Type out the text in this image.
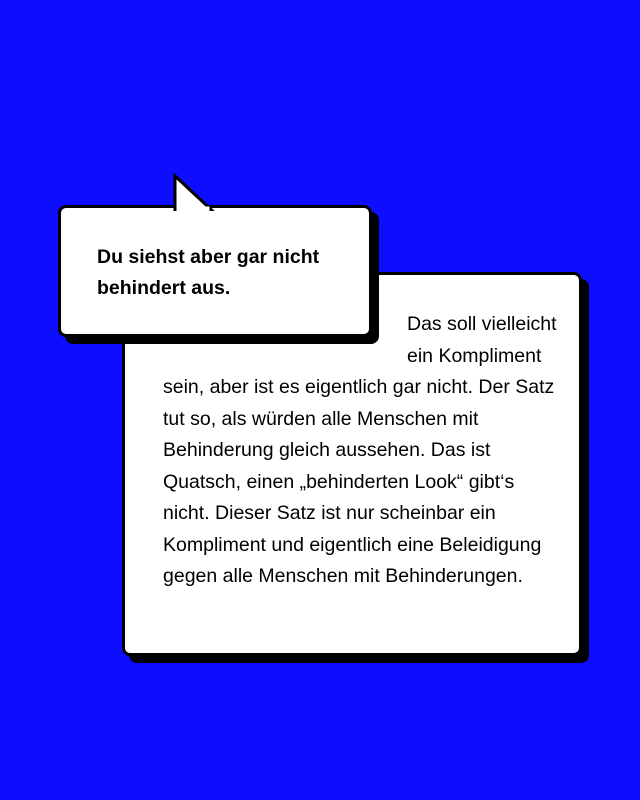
Das soll vielleicht ein Kompliment sein, aber ist es eigentlich gar nicht. Der Satz tut so, als würden alle Menschen mit Behinderung gleich aussehen. Das ist Quatsch, einen „behinderten Look“ gibt‘s nicht. Dieser Satz ist nur scheinbar ein Kompliment und eigentlich eine Beleidigung gegen alle Menschen mit Behinderungen.

Du siehst aber gar nicht behindert aus.
